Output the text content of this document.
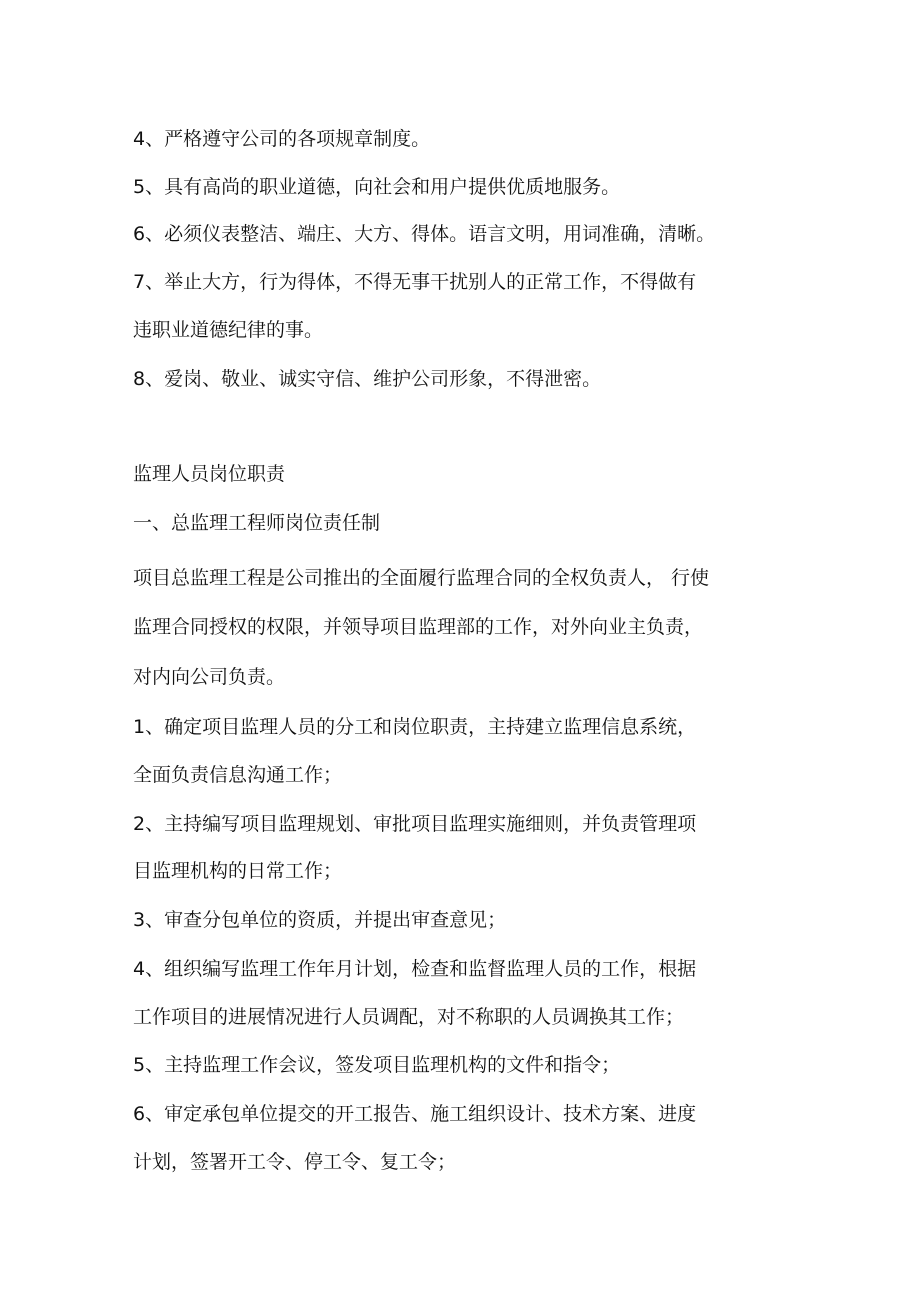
4、严格遵守公司的各项规章制度。
5、具有高尚的职业道德，向社会和用户提供优质地服务。
6、必须仪表整洁、端庄、大方、得体。语言文明，用词准确，清晰。
7、举止大方，行为得体，不得无事干扰别人的正常工作，不得做有
违职业道德纪律的事。
8、爱岗、敬业、诚实守信、维护公司形象，不得泄密。
监理人员岗位职责
一、总监理工程师岗位责任制
项目总监理工程是公司推出的全面履行监理合同的全权负责人， 行使
监理合同授权的权限，并领导项目监理部的工作，对外向业主负责，
对内向公司负责。
1、确定项目监理人员的分工和岗位职责，主持建立监理信息系统，
全面负责信息沟通工作；
2、主持编写项目监理规划、审批项目监理实施细则，并负责管理项
目监理机构的日常工作；
3、审查分包单位的资质，并提出审查意见；
4、组织编写监理工作年月计划，检查和监督监理人员的工作，根据
工作项目的进展情况进行人员调配，对不称职的人员调换其工作；
5、主持监理工作会议，签发项目监理机构的文件和指令；
6、审定承包单位提交的开工报告、施工组织设计、技术方案、进度
计划，签署开工令、停工令、复工令；
